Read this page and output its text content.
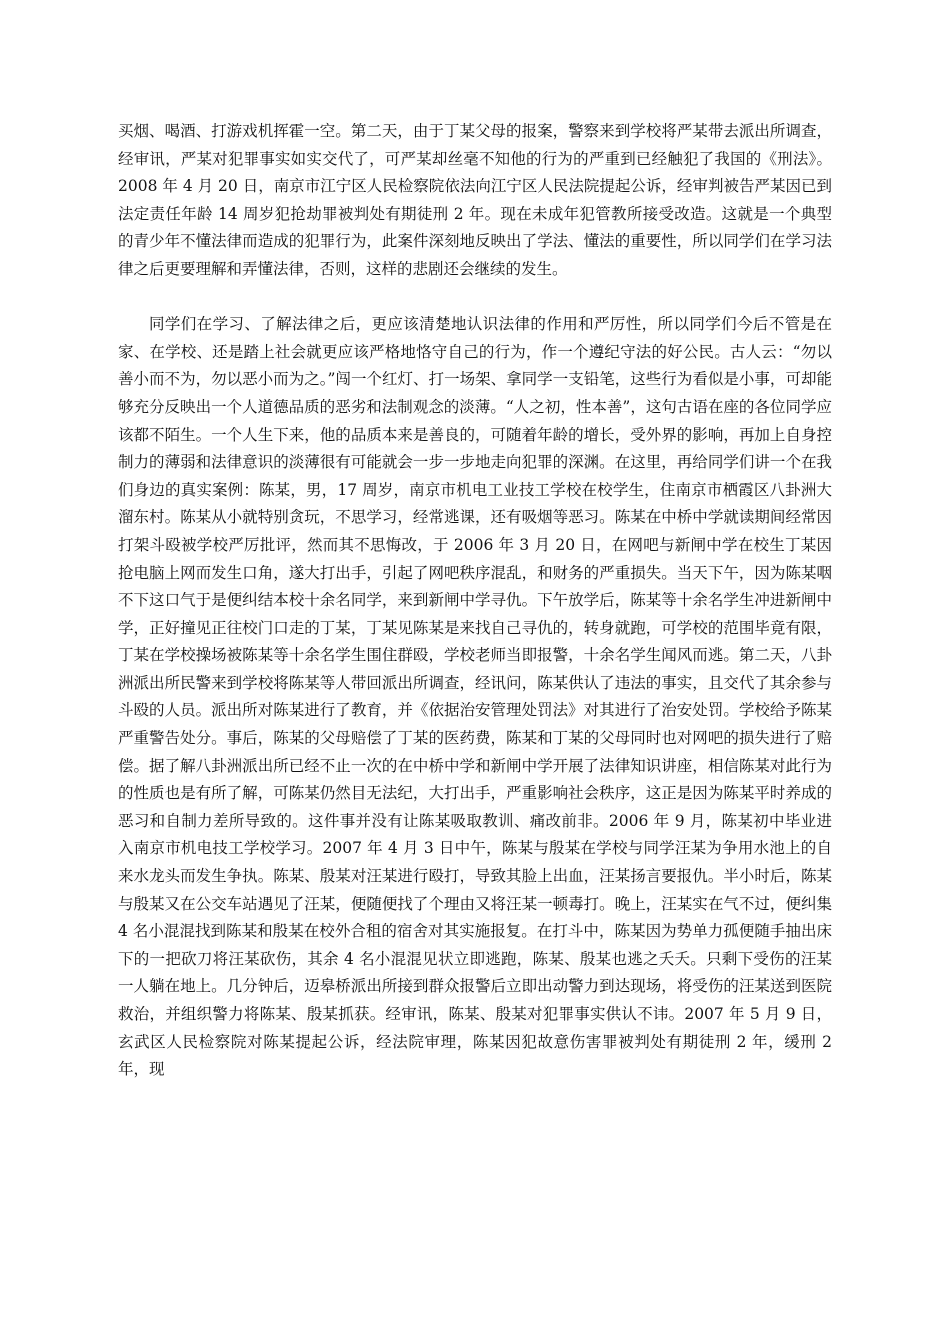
买烟、喝酒、打游戏机挥霍一空。第二天，由于丁某父母的报案，警察来到学校将严某带去派出所调查，经审讯，严某对犯罪事实如实交代了，可严某却丝毫不知他的行为的严重到已经触犯了我国的《刑法》。2008 年 4 月 20 日，南京市江宁区人民检察院依法向江宁区人民法院提起公诉，经审判被告严某因已到法定责任年龄 14 周岁犯抢劫罪被判处有期徒刑 2 年。现在未成年犯管教所接受改造。这就是一个典型的青少年不懂法律而造成的犯罪行为，此案件深刻地反映出了学法、懂法的重要性，所以同学们在学习法律之后更要理解和弄懂法律，否则，这样的悲剧还会继续的发生。

同学们在学习、了解法律之后，更应该清楚地认识法律的作用和严厉性，所以同学们今后不管是在家、在学校、还是踏上社会就更应该严格地恪守自己的行为，作一个遵纪守法的好公民。古人云：“勿以善小而不为，勿以恶小而为之。”闯一个红灯、打一场架、拿同学一支铅笔，这些行为看似是小事，可却能够充分反映出一个人道德品质的恶劣和法制观念的淡薄。“人之初，性本善”，这句古语在座的各位同学应该都不陌生。一个人生下来，他的品质本来是善良的，可随着年龄的增长，受外界的影响，再加上自身控制力的薄弱和法律意识的淡薄很有可能就会一步一步地走向犯罪的深渊。在这里，再给同学们讲一个在我们身边的真实案例：陈某，男，17 周岁，南京市机电工业技工学校在校学生，住南京市栖霞区八卦洲大溜东村。陈某从小就特别贪玩，不思学习，经常逃课，还有吸烟等恶习。陈某在中桥中学就读期间经常因打架斗殴被学校严厉批评，然而其不思悔改，于 2006 年 3 月 20 日，在网吧与新闸中学在校生丁某因抢电脑上网而发生口角，遂大打出手，引起了网吧秩序混乱，和财务的严重损失。当天下午，因为陈某咽不下这口气于是便纠结本校十余名同学，来到新闸中学寻仇。下午放学后，陈某等十余名学生冲进新闸中学，正好撞见正往校门口走的丁某，丁某见陈某是来找自己寻仇的，转身就跑，可学校的范围毕竟有限，丁某在学校操场被陈某等十余名学生围住群殴，学校老师当即报警，十余名学生闻风而逃。第二天，八卦洲派出所民警来到学校将陈某等人带回派出所调查，经讯问，陈某供认了违法的事实，且交代了其余参与斗殴的人员。派出所对陈某进行了教育，并《依据治安管理处罚法》对其进行了治安处罚。学校给予陈某严重警告处分。事后，陈某的父母赔偿了丁某的医药费，陈某和丁某的父母同时也对网吧的损失进行了赔偿。据了解八卦洲派出所已经不止一次的在中桥中学和新闸中学开展了法律知识讲座，相信陈某对此行为的性质也是有所了解，可陈某仍然目无法纪，大打出手，严重影响社会秩序，这正是因为陈某平时养成的恶习和自制力差所导致的。这件事并没有让陈某吸取教训、痛改前非。2006 年 9 月，陈某初中毕业进入南京市机电技工学校学习。2007 年 4 月 3 日中午，陈某与殷某在学校与同学汪某为争用水池上的自来水龙头而发生争执。陈某、殷某对汪某进行殴打，导致其脸上出血，汪某扬言要报仇。半小时后，陈某与殷某又在公交车站遇见了汪某，便随便找了个理由又将汪某一顿毒打。晚上，汪某实在气不过，便纠集 4 名小混混找到陈某和殷某在校外合租的宿舍对其实施报复。在打斗中，陈某因为势单力孤便随手抽出床下的一把砍刀将汪某砍伤，其余 4 名小混混见状立即逃跑，陈某、殷某也逃之夭夭。只剩下受伤的汪某一人躺在地上。几分钟后，迈皋桥派出所接到群众报警后立即出动警力到达现场，将受伤的汪某送到医院救治，并组织警力将陈某、殷某抓获。经审讯，陈某、殷某对犯罪事实供认不讳。2007 年 5 月 9 日，玄武区人民检察院对陈某提起公诉，经法院审理，陈某因犯故意伤害罪被判处有期徒刑 2 年，缓刑 2 年，现
